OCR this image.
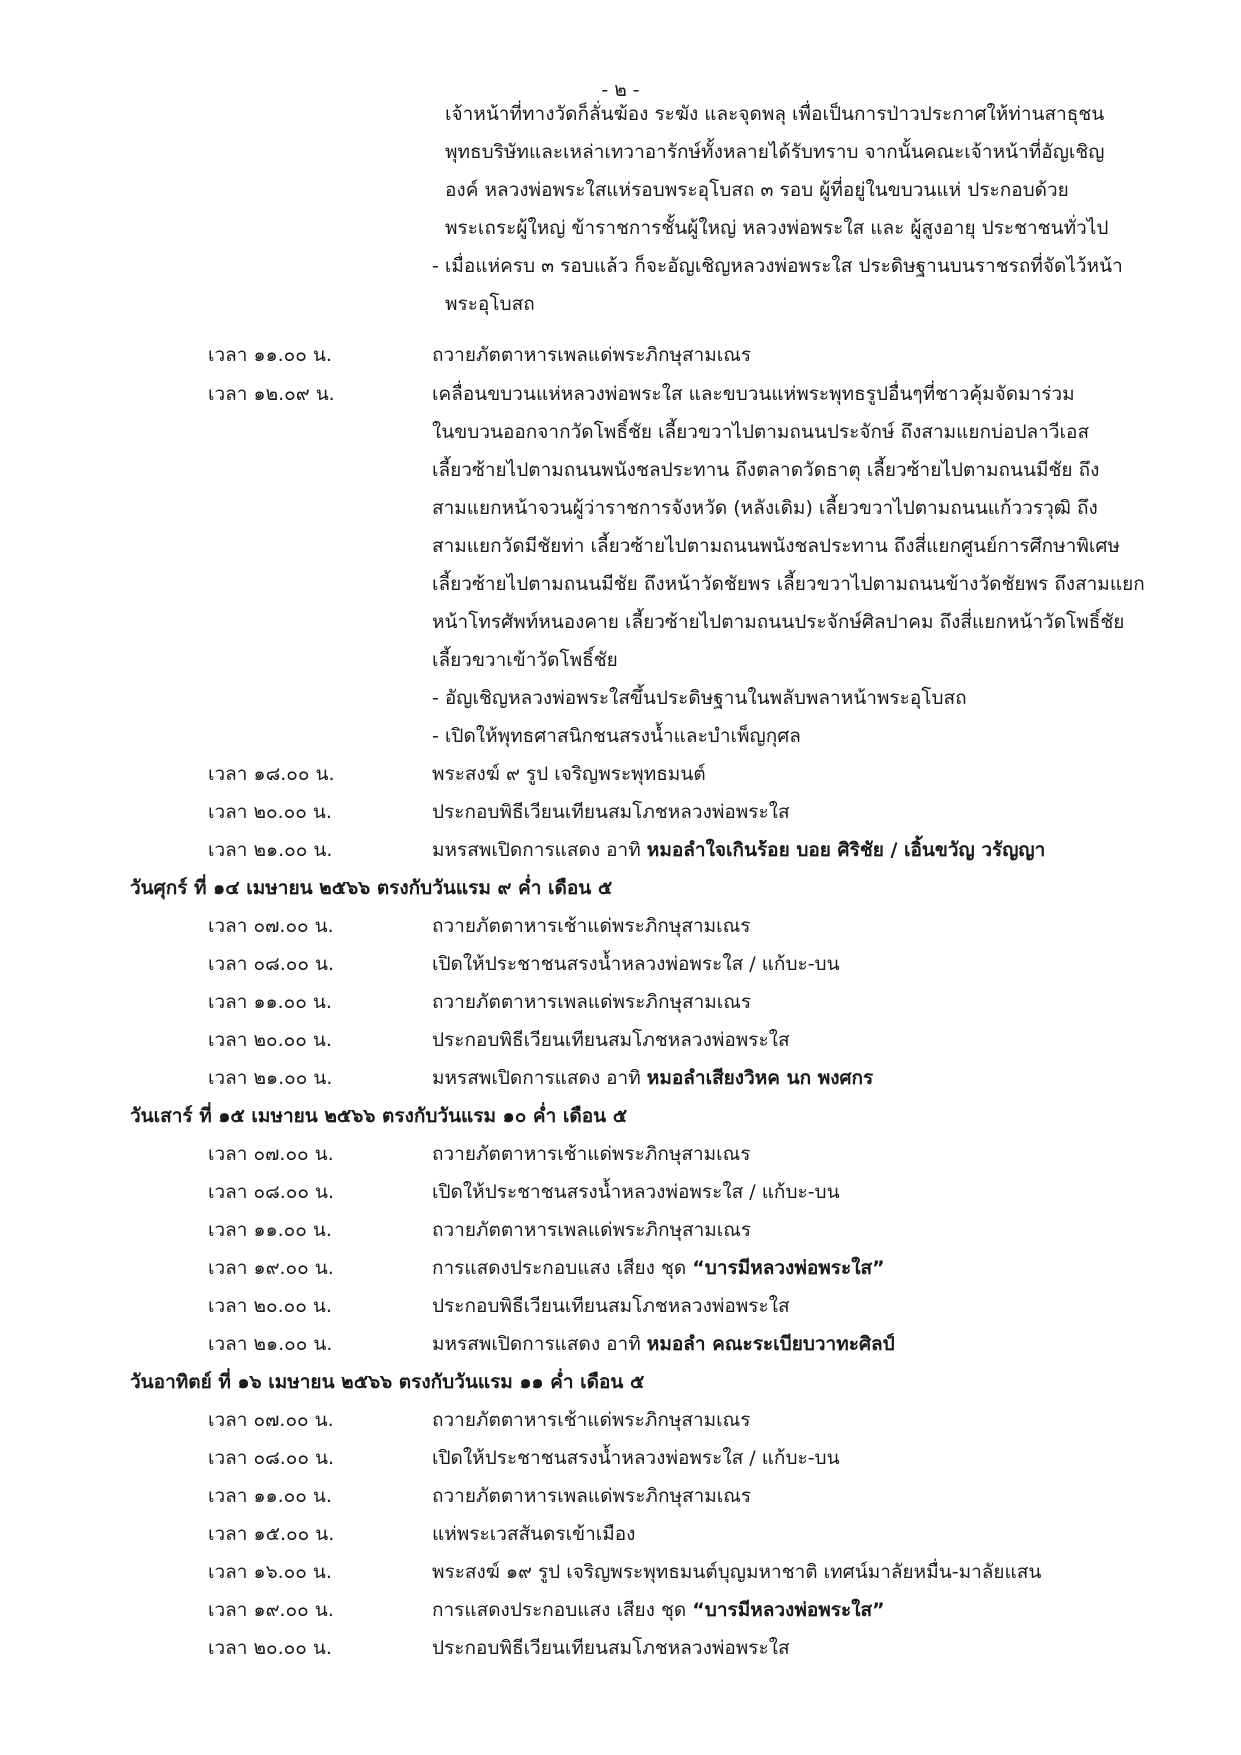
- ๒ -
เจ้าหน้าที่ทางวัดก็ลั่นฆ้อง ระฆัง และจุดพลุ เพื่อเป็นการป่าวประกาศให้ท่านสาธุชน
พุทธบริษัทและเหล่าเทวาอารักษ์ทั้งหลายได้รับทราบ จากนั้นคณะเจ้าหน้าที่อัญเชิญ
องค์ หลวงพ่อพระใสแห่รอบพระอุโบสถ ๓ รอบ ผู้ที่อยู่ในขบวนแห่ ประกอบด้วย
พระเถระผู้ใหญ่ ข้าราชการชั้นผู้ใหญ่ หลวงพ่อพระใส และ ผู้สูงอายุ ประชาชนทั่วไป
- เมื่อแห่ครบ ๓ รอบแล้ว ก็จะอัญเชิญหลวงพ่อพระใส ประดิษฐานบนราชรถที่จัดไว้หน้า
พระอุโบสถ
เวลา ๑๑.๐๐ น.	ถวายภัตตาหารเพลแด่พระภิกษุสามเณร
เวลา ๑๒.๐๙ น.	เคลื่อนขบวนแห่หลวงพ่อพระใส และขบวนแห่พระพุทธรูปอื่นๆที่ชาวคุ้มจัดมาร่วม
ในขบวนออกจากวัดโพธิ์ชัย เลี้ยวขวาไปตามถนนประจักษ์ ถึงสามแยกบ่อปลาวีเอส
เลี้ยวซ้ายไปตามถนนพนังชลประทาน ถึงตลาดวัดธาตุ เลี้ยวซ้ายไปตามถนนมีชัย ถึง
สามแยกหน้าจวนผู้ว่าราชการจังหวัด (หลังเดิม) เลี้ยวขวาไปตามถนนแก้ววรวุฒิ ถึง
สามแยกวัดมีชัยท่า เลี้ยวซ้ายไปตามถนนพนังชลประทาน ถึงสี่แยกศูนย์การศึกษาพิเศษ
เลี้ยวซ้ายไปตามถนนมีชัย ถึงหน้าวัดชัยพร เลี้ยวขวาไปตามถนนข้างวัดชัยพร ถึงสามแยก
หน้าโทรศัพท์หนองคาย เลี้ยวซ้ายไปตามถนนประจักษ์ศิลปาคม ถึงสี่แยกหน้าวัดโพธิ์ชัย
เลี้ยวขวาเข้าวัดโพธิ์ชัย
- อัญเชิญหลวงพ่อพระใสขึ้นประดิษฐานในพลับพลาหน้าพระอุโบสถ
- เปิดให้พุทธศาสนิกชนสรงน้ำและบำเพ็ญกุศล
เวลา ๑๘.๐๐ น.	พระสงฆ์ ๙ รูป เจริญพระพุทธมนต์
เวลา ๒๐.๐๐ น.	ประกอบพิธีเวียนเทียนสมโภชหลวงพ่อพระใส
เวลา ๒๑.๐๐ น.	มหรสพเปิดการแสดง อาทิ หมอลำใจเกินร้อย บอย ศิริชัย / เอิ้นขวัญ วรัญญา
วันศุกร์ ที่ ๑๔ เมษายน ๒๕๖๖ ตรงกับวันแรม ๙ ค่ำ เดือน ๕
เวลา ๐๗.๐๐ น.	ถวายภัตตาหารเช้าแด่พระภิกษุสามเณร
เวลา ๐๘.๐๐ น.	เปิดให้ประชาชนสรงน้ำหลวงพ่อพระใส / แก้บะ-บน
เวลา ๑๑.๐๐ น.	ถวายภัตตาหารเพลแด่พระภิกษุสามเณร
เวลา ๒๐.๐๐ น.	ประกอบพิธีเวียนเทียนสมโภชหลวงพ่อพระใส
เวลา ๒๑.๐๐ น.	มหรสพเปิดการแสดง อาทิ หมอลำเสียงวิหค นก พงศกร
วันเสาร์ ที่ ๑๕ เมษายน ๒๕๖๖ ตรงกับวันแรม ๑๐ ค่ำ เดือน ๕
เวลา ๐๗.๐๐ น.	ถวายภัตตาหารเช้าแด่พระภิกษุสามเณร
เวลา ๐๘.๐๐ น.	เปิดให้ประชาชนสรงน้ำหลวงพ่อพระใส / แก้บะ-บน
เวลา ๑๑.๐๐ น.	ถวายภัตตาหารเพลแด่พระภิกษุสามเณร
เวลา ๑๙.๐๐ น.	การแสดงประกอบแสง เสียง ชุด “บารมีหลวงพ่อพระใส”
เวลา ๒๐.๐๐ น.	ประกอบพิธีเวียนเทียนสมโภชหลวงพ่อพระใส
เวลา ๒๑.๐๐ น.	มหรสพเปิดการแสดง อาทิ หมอลำ คณะระเบียบวาทะศิลป์
วันอาทิตย์ ที่ ๑๖ เมษายน ๒๕๖๖ ตรงกับวันแรม ๑๑ ค่ำ เดือน ๕
เวลา ๐๗.๐๐ น.	ถวายภัตตาหารเช้าแด่พระภิกษุสามเณร
เวลา ๐๘.๐๐ น.	เปิดให้ประชาชนสรงน้ำหลวงพ่อพระใส / แก้บะ-บน
เวลา ๑๑.๐๐ น.	ถวายภัตตาหารเพลแด่พระภิกษุสามเณร
เวลา ๑๕.๐๐ น.	แห่พระเวสสันดรเข้าเมือง
เวลา ๑๖.๐๐ น.	พระสงฆ์ ๑๙ รูป เจริญพระพุทธมนต์บุญมหาชาติ เทศน์มาลัยหมื่น-มาลัยแสน
เวลา ๑๙.๐๐ น.	การแสดงประกอบแสง เสียง ชุด “บารมีหลวงพ่อพระใส”
เวลา ๒๐.๐๐ น.	ประกอบพิธีเวียนเทียนสมโภชหลวงพ่อพระใส
